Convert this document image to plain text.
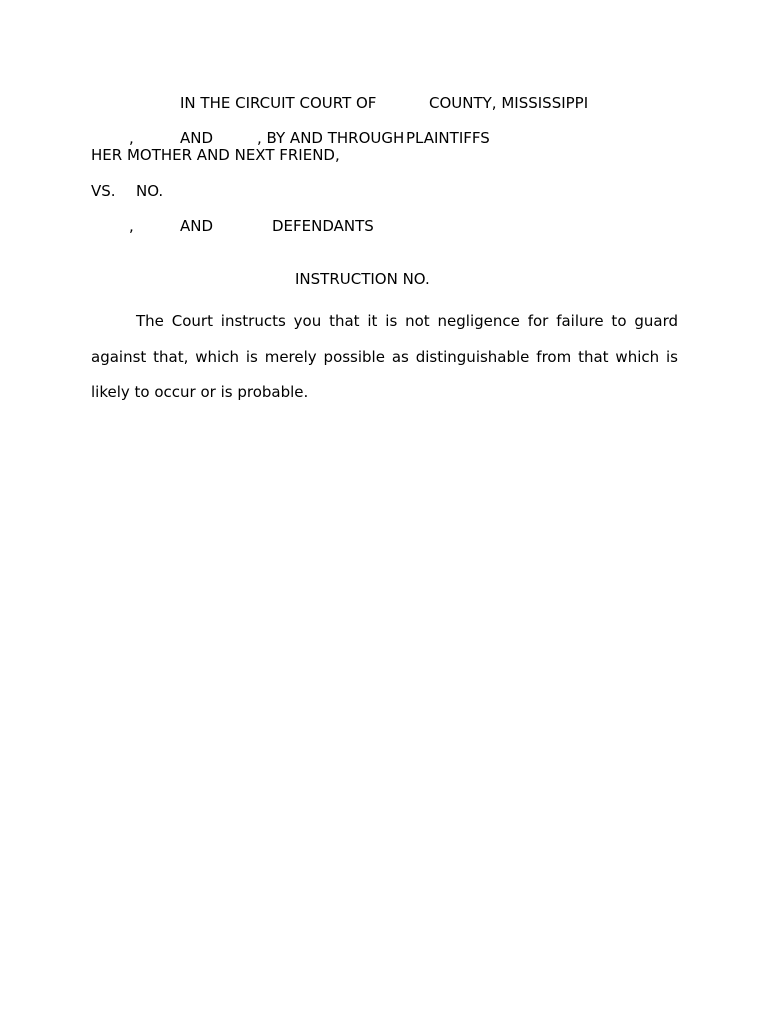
IN THE CIRCUIT COURT OF	COUNTY, MISSISSIPPI
,	AND	, BY AND THROUGH PLAINTIFFS
HER MOTHER AND NEXT FRIEND,
VS. NO.
,	AND	DEFENDANTS
INSTRUCTION NO.

The Court instructs you that it is not negligence for failure to guard against that, which is merely possible as distinguishable from that which is likely to occur or is probable.
